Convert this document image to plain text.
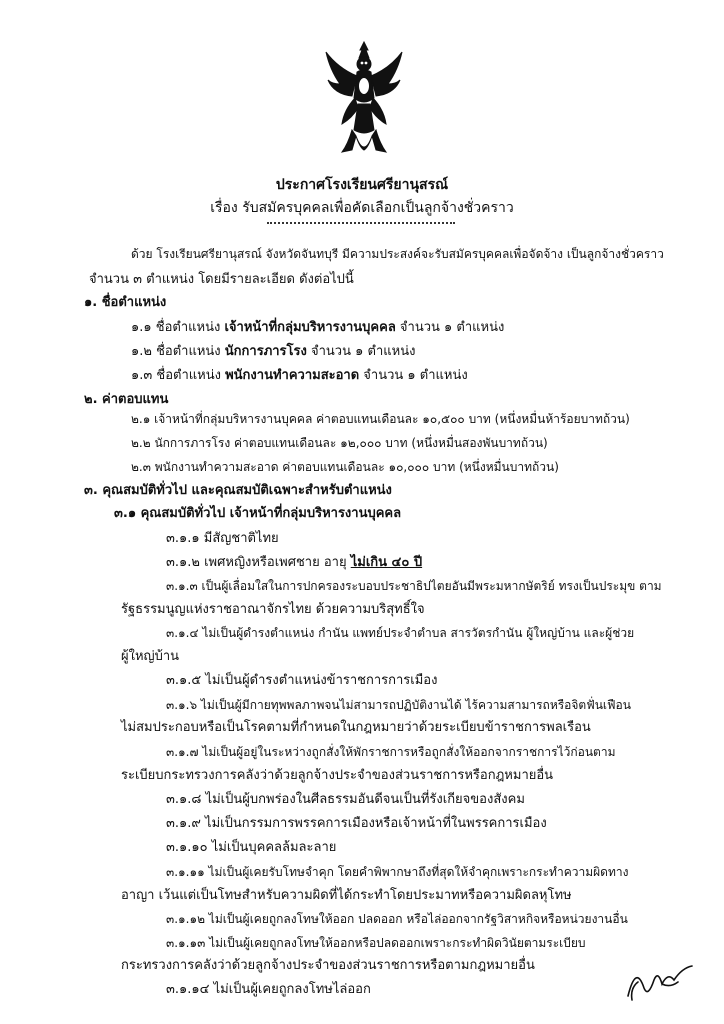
ประกาศโรงเรียนศรียานุสรณ์
เรื่อง รับสมัครบุคคลเพื่อคัดเลือกเป็นลูกจ้างชั่วคราว
ด้วย โรงเรียนศรียานุสรณ์ จังหวัดจันทบุรี มีความประสงค์จะรับสมัครบุคคลเพื่อจัดจ้าง เป็นลูกจ้างชั่วคราว
จำนวน ๓ ตำแหน่ง โดยมีรายละเอียด ดังต่อไปนี้
๑. ชื่อตำแหน่ง
๑.๑ ชื่อตำแหน่ง เจ้าหน้าที่กลุ่มบริหารงานบุคคล จำนวน ๑ ตำแหน่ง
๑.๒ ชื่อตำแหน่ง นักการภารโรง จำนวน ๑ ตำแหน่ง
๑.๓ ชื่อตำแหน่ง พนักงานทำความสะอาด จำนวน ๑ ตำแหน่ง
๒. ค่าตอบแทน
๒.๑ เจ้าหน้าที่กลุ่มบริหารงานบุคคล ค่าตอบแทนเดือนละ ๑๐,๕๐๐ บาท (หนึ่งหมื่นห้าร้อยบาทถ้วน)
๒.๒ นักการภารโรง ค่าตอบแทนเดือนละ ๑๒,๐๐๐ บาท (หนึ่งหมื่นสองพันบาทถ้วน)
๒.๓ พนักงานทำความสะอาด ค่าตอบแทนเดือนละ ๑๐,๐๐๐ บาท (หนึ่งหมื่นบาทถ้วน)
๓. คุณสมบัติทั่วไป และคุณสมบัติเฉพาะสำหรับตำแหน่ง
๓.๑ คุณสมบัติทั่วไป เจ้าหน้าที่กลุ่มบริหารงานบุคคล
๓.๑.๑ มีสัญชาติไทย
๓.๑.๒ เพศหญิงหรือเพศชาย อายุ ไม่เกิน ๔๐ ปี
๓.๑.๓ เป็นผู้เลื่อมใสในการปกครองระบอบประชาธิปไตยอันมีพระมหากษัตริย์ ทรงเป็นประมุข ตาม
รัฐธรรมนูญแห่งราชอาณาจักรไทย ด้วยความบริสุทธิ์ใจ
๓.๑.๔ ไม่เป็นผู้ดำรงตำแหน่ง กำนัน แพทย์ประจำตำบล สารวัตรกำนัน ผู้ใหญ่บ้าน และผู้ช่วย
ผู้ใหญ่บ้าน
๓.๑.๕ ไม่เป็นผู้ดำรงตำแหน่งข้าราชการการเมือง
๓.๑.๖ ไม่เป็นผู้มีกายทุพพลภาพจนไม่สามารถปฏิบัติงานได้ ไร้ความสามารถหรือจิตฟั่นเฟือน
ไม่สมประกอบหรือเป็นโรคตามที่กำหนดในกฎหมายว่าด้วยระเบียบข้าราชการพลเรือน
๓.๑.๗ ไม่เป็นผู้อยู่ในระหว่างถูกสั่งให้พักราชการหรือถูกสั่งให้ออกจากราชการไว้ก่อนตาม
ระเบียบกระทรวงการคลังว่าด้วยลูกจ้างประจำของส่วนราชการหรือกฎหมายอื่น
๓.๑.๘ ไม่เป็นผู้บกพร่องในศีลธรรมอันดีจนเป็นที่รังเกียจของสังคม
๓.๑.๙ ไม่เป็นกรรมการพรรคการเมืองหรือเจ้าหน้าที่ในพรรคการเมือง
๓.๑.๑๐ ไม่เป็นบุคคลล้มละลาย
๓.๑.๑๑ ไม่เป็นผู้เคยรับโทษจำคุก โดยคำพิพากษาถึงที่สุดให้จำคุกเพราะกระทำความผิดทาง
อาญา เว้นแต่เป็นโทษสำหรับความผิดที่ได้กระทำโดยประมาทหรือความผิดลหุโทษ
๓.๑.๑๒ ไม่เป็นผู้เคยถูกลงโทษให้ออก ปลดออก หรือไล่ออกจากรัฐวิสาหกิจหรือหน่วยงานอื่น
๓.๑.๑๓ ไม่เป็นผู้เคยถูกลงโทษให้ออกหรือปลดออกเพราะกระทำผิดวินัยตามระเบียบ
กระทรวงการคลังว่าด้วยลูกจ้างประจำของส่วนราชการหรือตามกฎหมายอื่น
๓.๑.๑๔ ไม่เป็นผู้เคยถูกลงโทษไล่ออก
